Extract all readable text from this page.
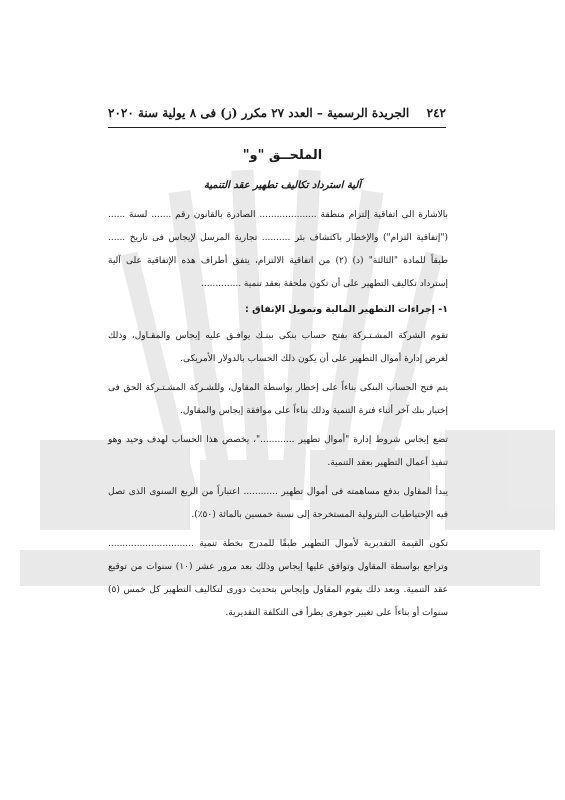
٢٤٢
الجريدة الرسمية – العدد ٢٧ مكرر (ز) فى ٨ يولية سنة ٢٠٢٠
الملحــق "و"
آلية استرداد تكاليف تطهير عقد التنمية

بالاشارة الى اتفاقية إلتزام منطقة .................... الصادرة بالقانون رقم ....... لسنة ......

("إتفاقية التزام") والإخطار باكتشاف بئر .......... تجارية المرسل لإيجاس فى تاريخ ......

طبقاً للمادة "الثالثة" (د) (٢) من اتفاقية الالتزام، يتفق أطراف هذه الإتفاقية على آلية

إسترداد تكاليف التطهير على أن تكون ملحقة بعقد تنمية ..............

١- إجراءات التطهير المالية وتمويل الإنفاق :

تقوم الشركة المشـتـركة بفتح حساب بنكى ببنـك يوافـق عليه إيجاس والمقـاول، وذلك لغرض إدارة أموال التطهير على أن يكون ذلك الحساب بالدولار الأمريكى.

يتم فتح الحساب البنكى بناءاً على إخطار بواسطة المقاول، وللشـركة المشـتـركة الحق فى إختيار بنك آخر أثناء فترة التنمية وذلك بناءاً على موافقة إيجاس والمقاول.

تضع إيجاس شروط إدارة "أموال تطهير ............"، يخصص هذا الحساب لهدف وحيد وهو تنفيذ أعمال التطهير بعقد التنمية.

يبدأ المقاول بدفع مساهمته فى أموال تطهير ............ اعتباراً من الربع السنوى الذى تصل فيه الإحتياطيات البترولية المستخرجة إلى نسبة خمسين بالمائة (٥٠٪).

تكون القيمة التقديرية لأموال التطهير طبقًا للمدرج بخطة تنمية .............................. وتراجع بواسطة المقاول وتوافق عليها إيجاس وذلك بعد مرور عشر (١٠) سنوات من توقيع عقد التنمية. وبعد ذلك يقوم المقاول وإيجاس بتحديث دورى لتكاليف التطهير كل خمس (٥) سنوات أو بناءاً على تغيير جوهرى يطرأ فى التكلفة التقديرية.
